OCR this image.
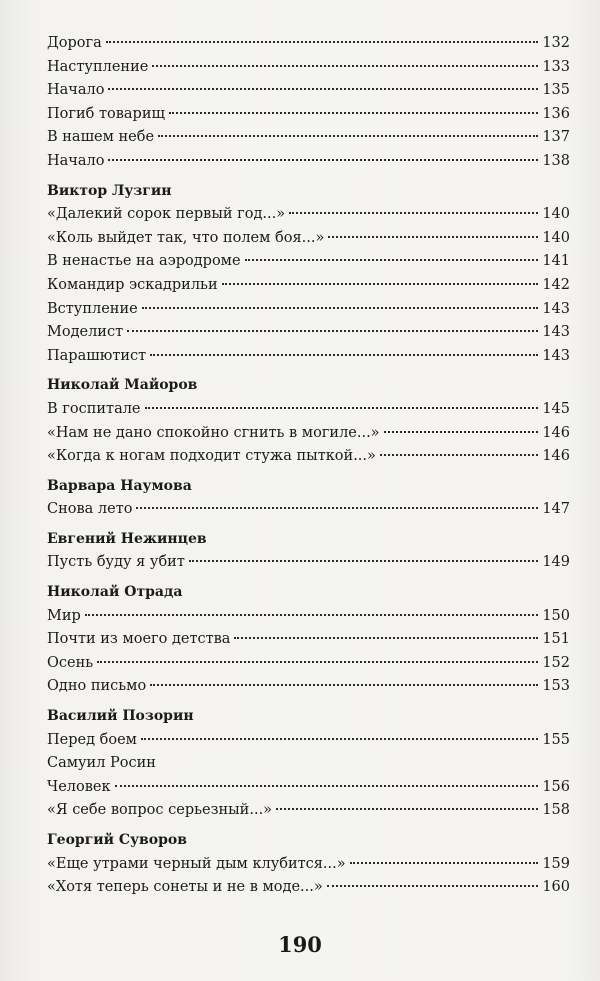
Дорога	132
Наступление	133
Начало	135
Погиб товарищ	136
В нашем небе	137
Начало	138
Виктор Лузгин
«Далекий сорок первый год...»	140
«Коль выйдет так, что полем боя...»	140
В ненастье на аэродроме	141
Командир эскадрильи	142
Вступление	143
Моделист	143
Парашютист	143
Николай Майоров
В госпитале	145
«Нам не дано спокойно сгнить в могиле...»	146
«Когда к ногам подходит стужа пыткой...»	146
Варвара Наумова
Снова лето	147
Евгений Нежинцев
Пусть буду я убит	149
Николай Отрада
Мир	150
Почти из моего детства	151
Осень	152
Одно письмо	153
Василий Позорин
Перед боем	155
Самуил Росин
Человек	156
«Я себе вопрос серьезный...»	158
Георгий Суворов
«Еще утрами черный дым клубится...»	159
«Хотя теперь сонеты и не в моде...»	160
190
